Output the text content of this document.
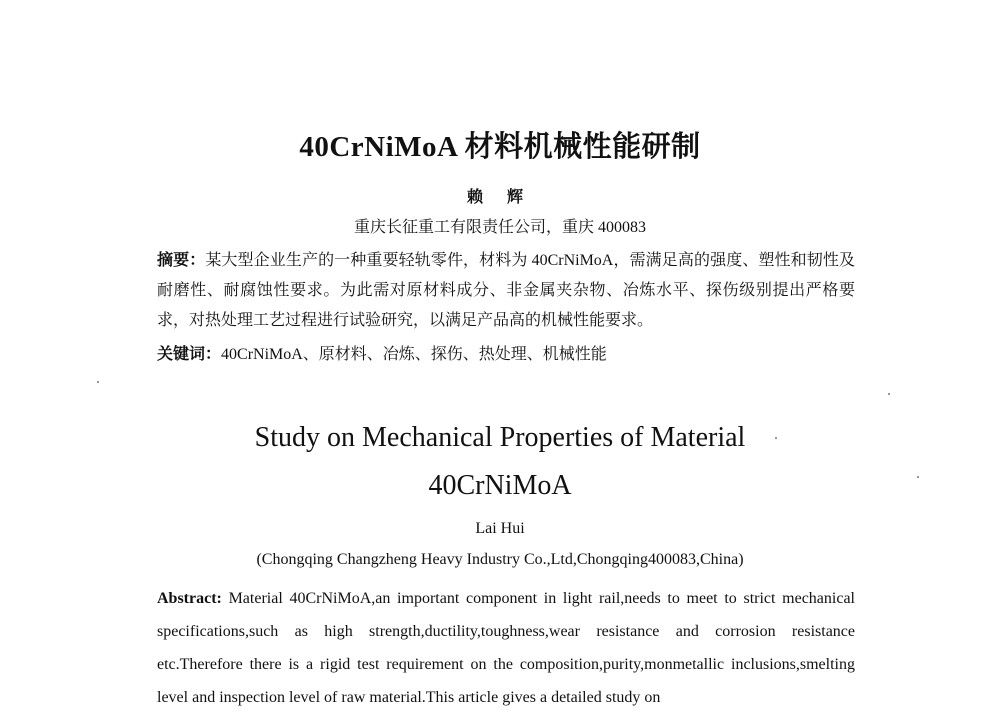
40CrNiMoA 材料机械性能研制
赖 辉
重庆长征重工有限责任公司，重庆 400083
摘要：某大型企业生产的一种重要轻轨零件，材料为 40CrNiMoA，需满足高的强度、塑性和韧性及耐磨性、耐腐蚀性要求。为此需对原材料成分、非金属夹杂物、冶炼水平、探伤级别提出严格要求，对热处理工艺过程进行试验研究，以满足产品高的机械性能要求。
关键词：40CrNiMoA、原材料、冶炼、探伤、热处理、机械性能
Study on Mechanical Properties of Material
40CrNiMoA
Lai Hui
(Chongqing Changzheng Heavy Industry Co.,Ltd,Chongqing400083,China)
Abstract: Material 40CrNiMoA,an important component in light rail,needs to meet to strict mechanical specifications,such as high strength,ductility,toughness,wear resistance and corrosion resistance etc.Therefore there is a rigid test requirement on the composition,purity,monmetallic inclusions,smelting level and inspection level of raw material.This article gives a detailed study on
